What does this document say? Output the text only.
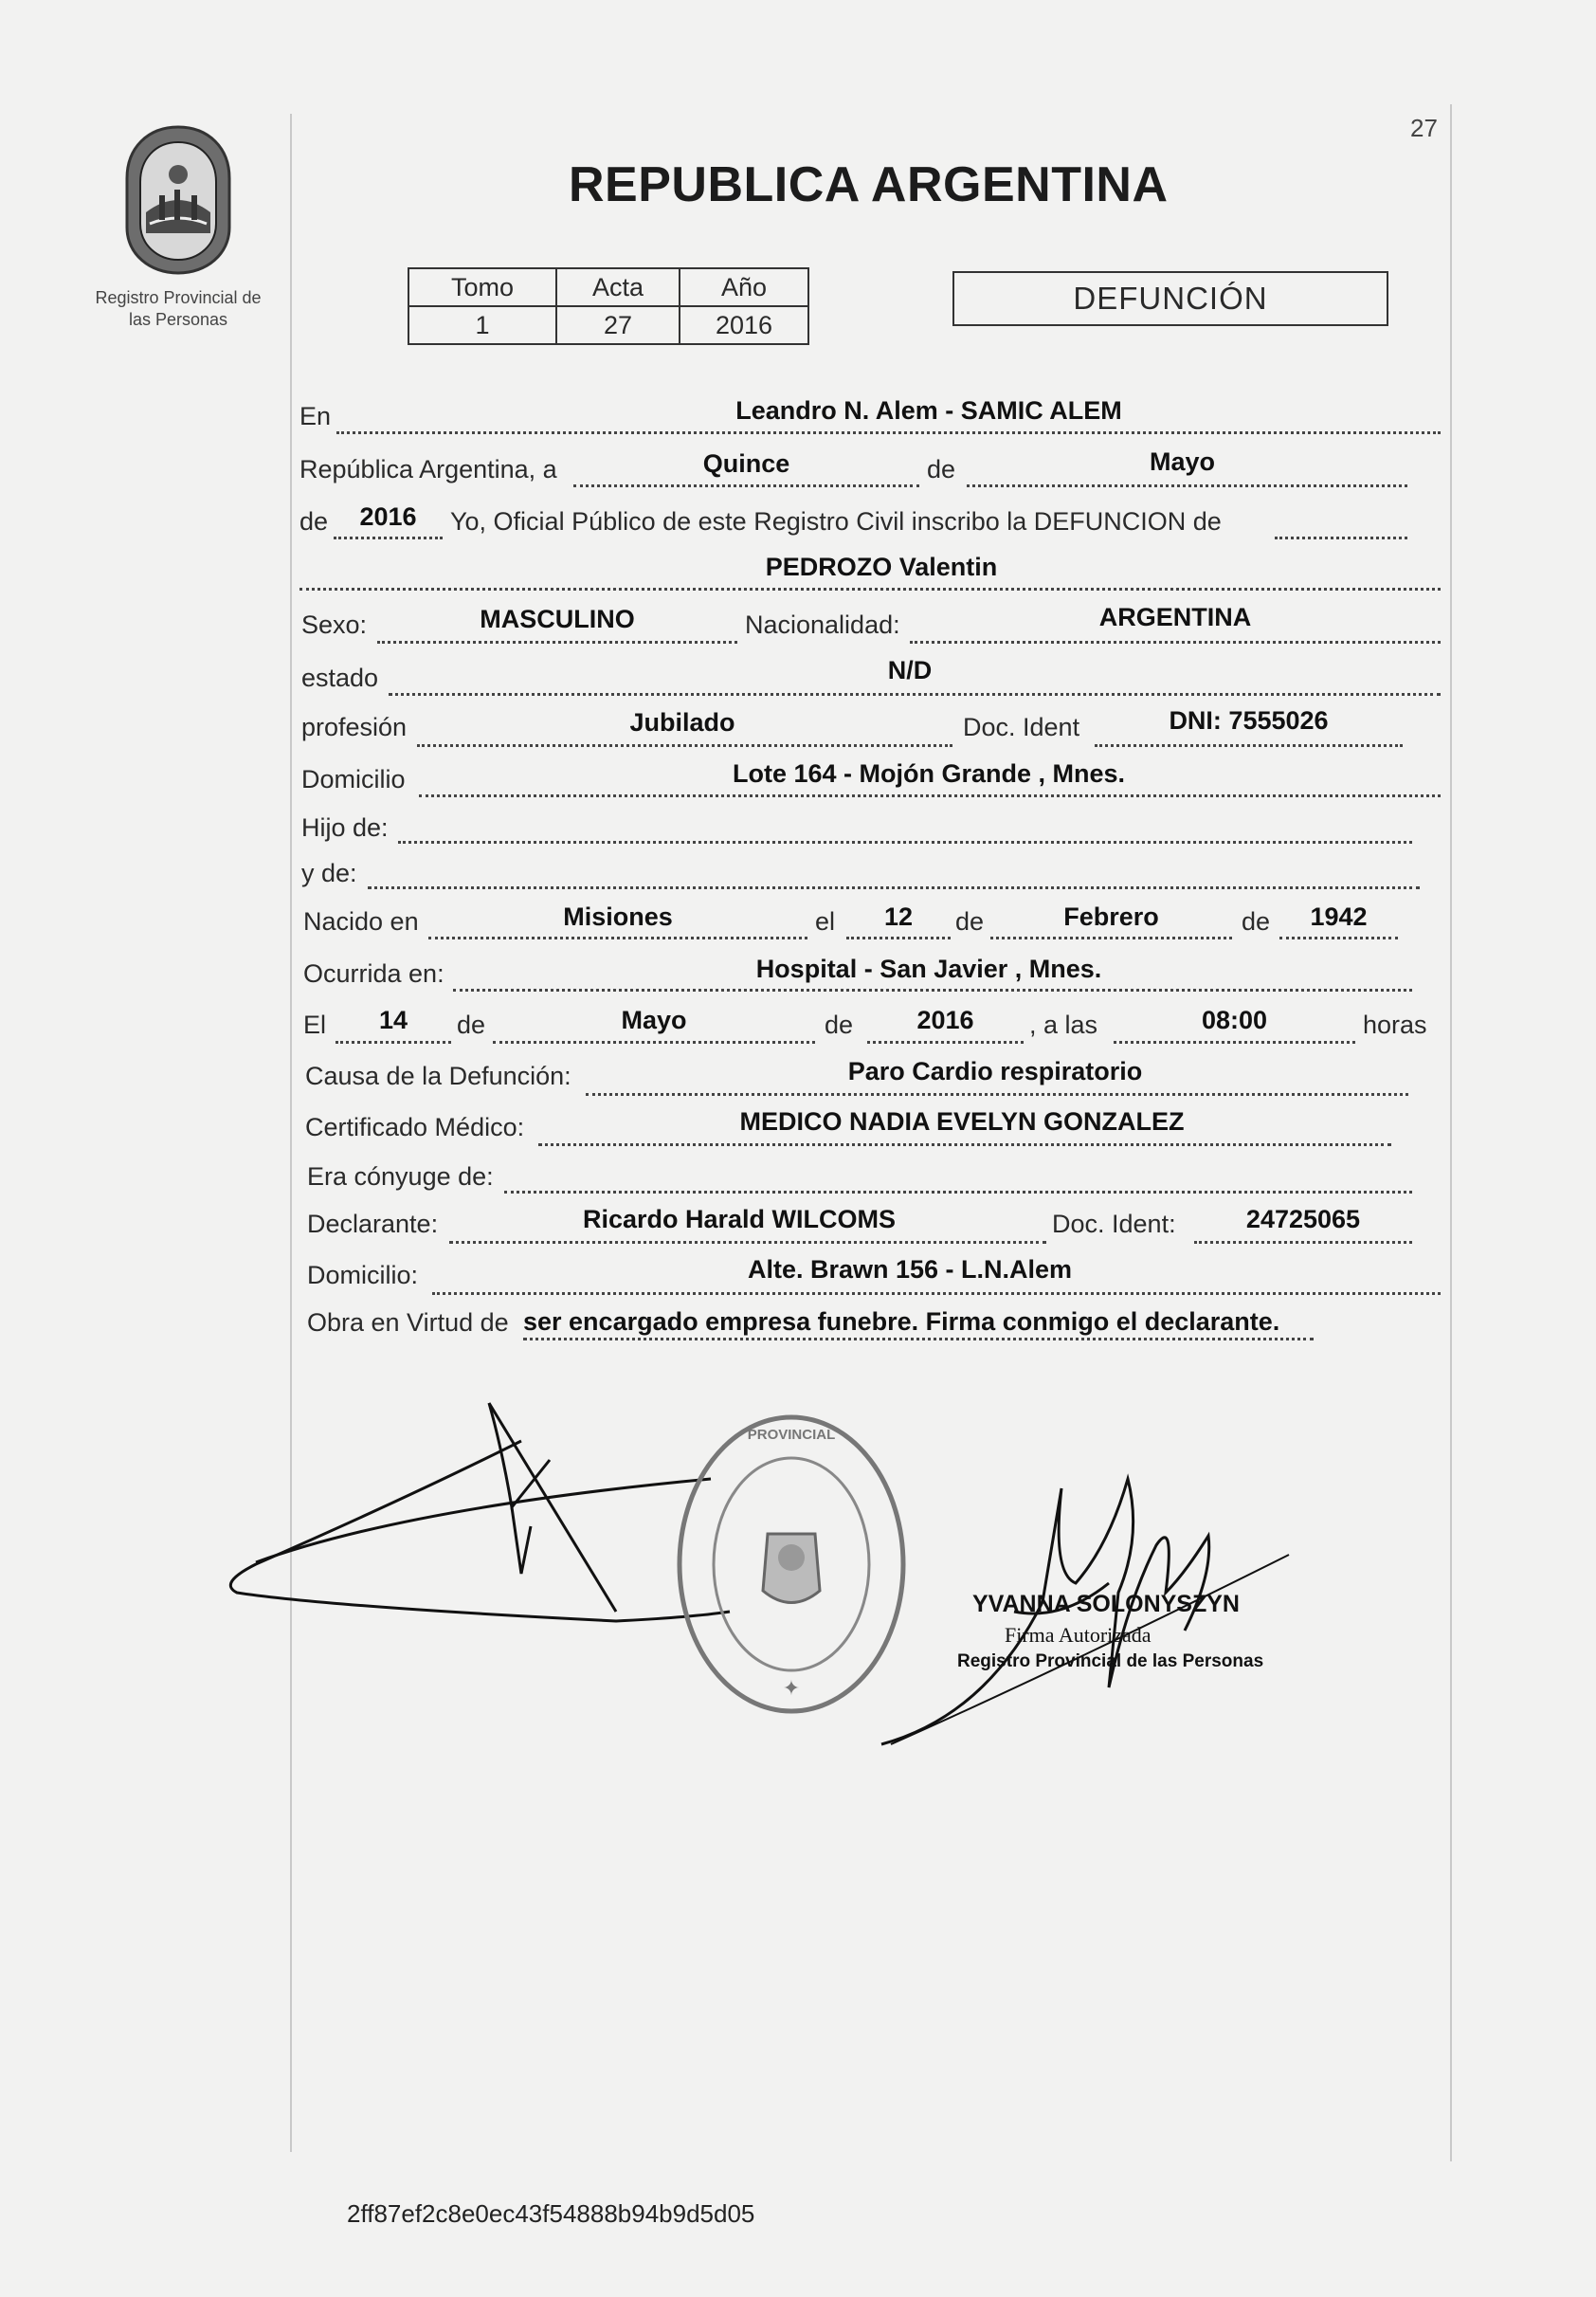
27
Registro Provincial de
las Personas
REPUBLICA ARGENTINA
Tomo	Acta	Año
1	27	2016
DEFUNCIÓN
En	Leandro N. Alem - SAMIC ALEM
República Argentina, a	Quince	de	Mayo
de	2016	Yo, Oficial Público de este Registro Civil inscribo la DEFUNCION de
PEDROZO Valentin
Sexo:	MASCULINO	Nacionalidad:	ARGENTINA
estado	N/D
profesión	Jubilado	Doc. Ident	DNI: 7555026
Domicilio	Lote 164 - Mojón Grande , Mnes.
Hijo de:
y de:
Nacido en	Misiones	el	12	de	Febrero	de	1942
Ocurrida en:	Hospital - San Javier , Mnes.
El	14	de	Mayo	de	2016	, a las	08:00	horas
Causa de la Defunción:	Paro Cardio respiratorio
Certificado Médico:	MEDICO NADIA EVELYN GONZALEZ
Era cónyuge de:
Declarante:	Ricardo Harald WILCOMS	Doc. Ident:	24725065
Domicilio:	Alte. Brawn 156 - L.N.Alem
Obra en Virtud de ser encargado empresa funebre. Firma conmigo el declarante.
✦
PROVINCIAL
YVANNA SOLONYSZYN
Firma Autorizada
Registro Provincial de las Personas
2ff87ef2c8e0ec43f54888b94b9d5d05
